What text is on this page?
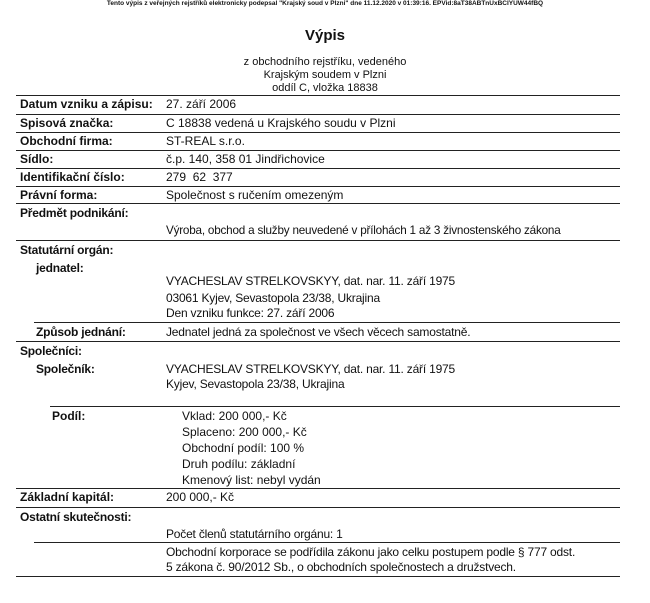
Tento výpis z veřejných rejstříků elektronicky podepsal "Krajský soud v Plzni" dne 11.12.2020 v 01:39:16. EPVid:8aT38ABTnUxBCIYUW44fBQ
Výpis
z obchodního rejstříku, vedeného
Krajským soudem v Plzni
oddíl C, vložka 18838
Datum vzniku a zápisu: 27. září 2006
Spisová značka:	C 18838 vedená u Krajského soudu v Plzni
Obchodní firma:	ST-REAL s.r.o.
Sídlo:	č.p. 140, 358 01 Jindřichovice
Identifikační číslo:	279  62  377
Právní forma:	Společnost s ručením omezeným
Předmět podnikání:
Výroba, obchod a služby neuvedené v přílohách 1 až 3 živnostenského zákona
Statutární orgán:
jednatel:
VYACHESLAV STRELKOVSKYY, dat. nar. 11. září 1975
03061 Kyjev, Sevastopola 23/38, Ukrajina
Den vzniku funkce: 27. září 2006
Způsob jednání:	Jednatel jedná za společnost ve všech věcech samostatně.
Společníci:
Společník:	VYACHESLAV STRELKOVSKYY, dat. nar. 11. září 1975
Kyjev, Sevastopola 23/38, Ukrajina
Podíl:	Vklad: 200 000,- Kč
Splaceno: 200 000,- Kč
Obchodní podíl: 100 %
Druh podílu: základní
Kmenový list: nebyl vydán
Základní kapitál:	200 000,- Kč
Ostatní skutečnosti:
Počet členů statutárního orgánu: 1
Obchodní korporace se podřídila zákonu jako celku postupem podle § 777 odst.
5 zákona č. 90/2012 Sb., o obchodních společnostech a družstvech.
